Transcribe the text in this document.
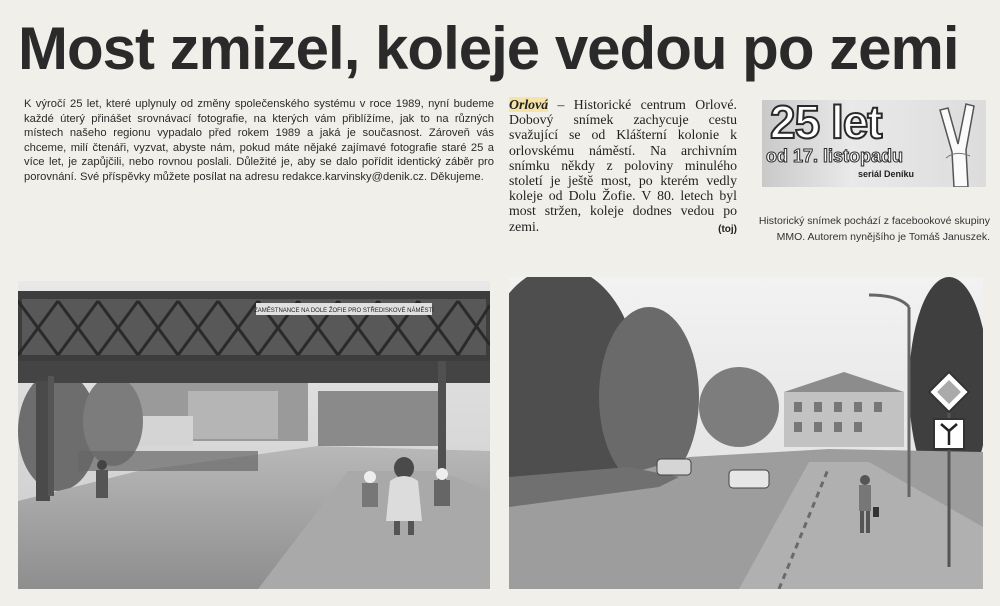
Most zmizel, koleje vedou po zemi
K výročí 25 let, které uplynuly od změny společenského systému v roce 1989, nyní budeme každé úterý přinášet srovnávací fotografie, na kterých vám přiblížíme, jak to na různých místech našeho regionu vypadalo před rokem 1989 a jaká je současnost. Zároveň vás chceme, milí čtenáři, vyzvat, abyste nám, pokud máte nějaké zajímavé fotografie staré 25 a více let, je zapůjčili, nebo rovnou poslali. Důležité je, aby se dalo pořídit identický záběr pro porovnání. Své příspěvky můžete posílat na adresu redakce.karvinsky@denik.cz. Děkujeme.
Orlová – Historické centrum Orlové. Dobový snímek zachycuje cestu svažující se od Klášterní kolonie k orlovskému náměstí. Na archivním snímku někdy z poloviny minulého století je ještě most, po kterém vedly koleje od Dolu Žofie. V 80. letech byl most stržen, koleje dodnes vedou po zemi.	(toj)
25 let
od 17. listopadu
seriál Deníku
Historický snímek pochází z facebookové skupiny MMO. Autorem nynějšího je Tomáš Januszek.
ZAMĚSTNANCE NA DOLE ŽOFIE PRO STŘEDISKOVÉ NÁMĚSTÍ
